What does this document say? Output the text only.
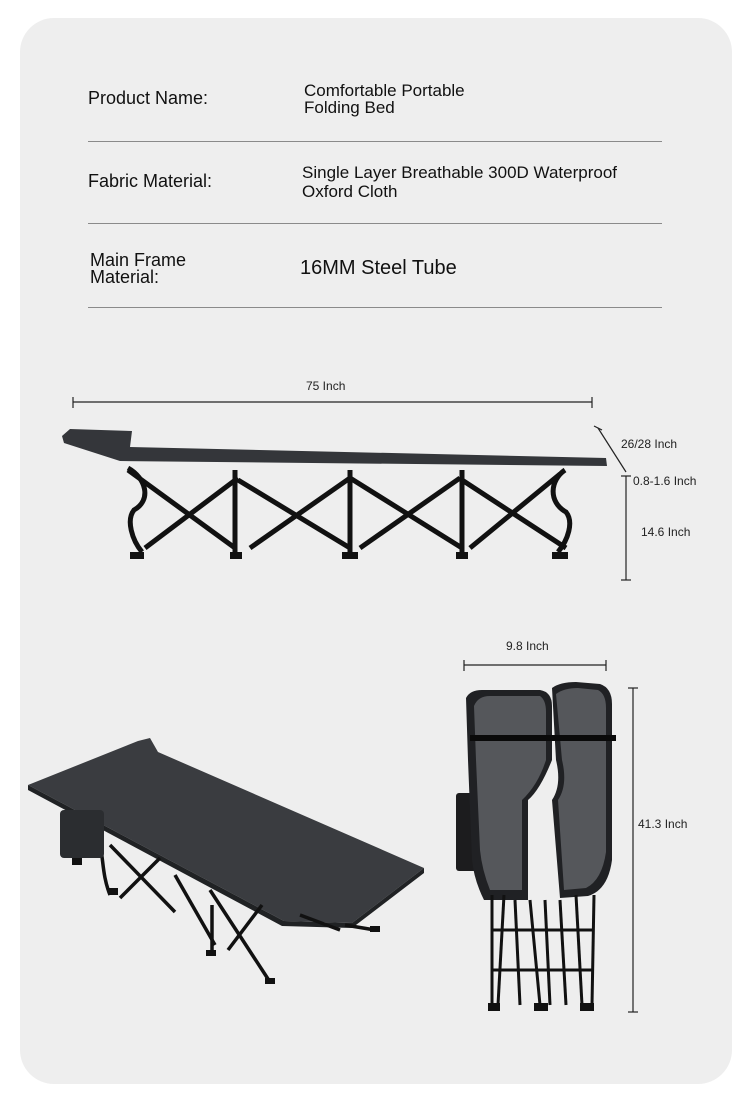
Product Name:	Comfortable Portable
Folding Bed
Fabric Material:	Single Layer Breathable 300D Waterproof
Oxford Cloth
Main Frame
Material:	16MM Steel Tube
75 Inch
26/28 Inch
0.8-1.6 Inch
14.6 Inch
9.8 Inch
41.3 Inch
